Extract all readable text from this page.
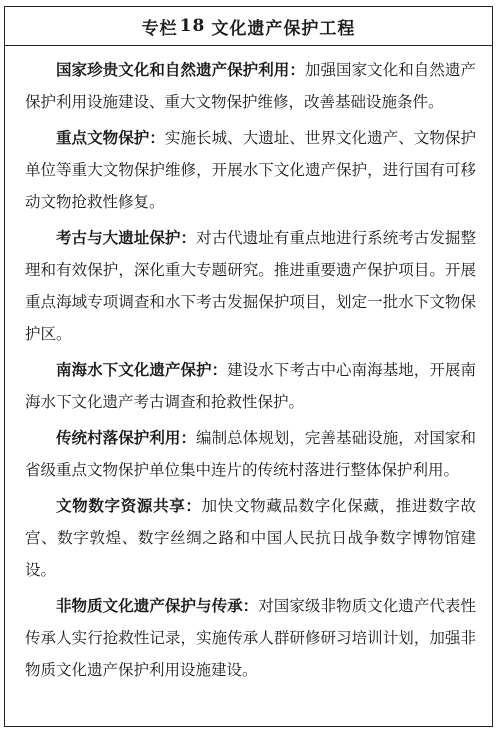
专栏 18 文化遗产保护工程

国家珍贵文化和自然遗产保护利用：加强国家文化和自然遗产保护利用设施建设、重大文物保护维修，改善基础设施条件。

重点文物保护：实施长城、大遗址、世界文化遗产、文物保护单位等重大文物保护维修，开展水下文化遗产保护，进行国有可移动文物抢救性修复。

考古与大遗址保护：对古代遗址有重点地进行系统考古发掘整理和有效保护，深化重大专题研究。推进重要遗产保护项目。开展重点海域专项调查和水下考古发掘保护项目，划定一批水下文物保护区。

南海水下文化遗产保护：建设水下考古中心南海基地，开展南海水下文化遗产考古调查和抢救性保护。

传统村落保护利用：编制总体规划，完善基础设施，对国家和省级重点文物保护单位集中连片的传统村落进行整体保护利用。

文物数字资源共享：加快文物藏品数字化保藏，推进数字故宫、数字敦煌、数字丝绸之路和中国人民抗日战争数字博物馆建设。

非物质文化遗产保护与传承：对国家级非物质文化遗产代表性传承人实行抢救性记录，实施传承人群研修研习培训计划，加强非物质文化遗产保护利用设施建设。
